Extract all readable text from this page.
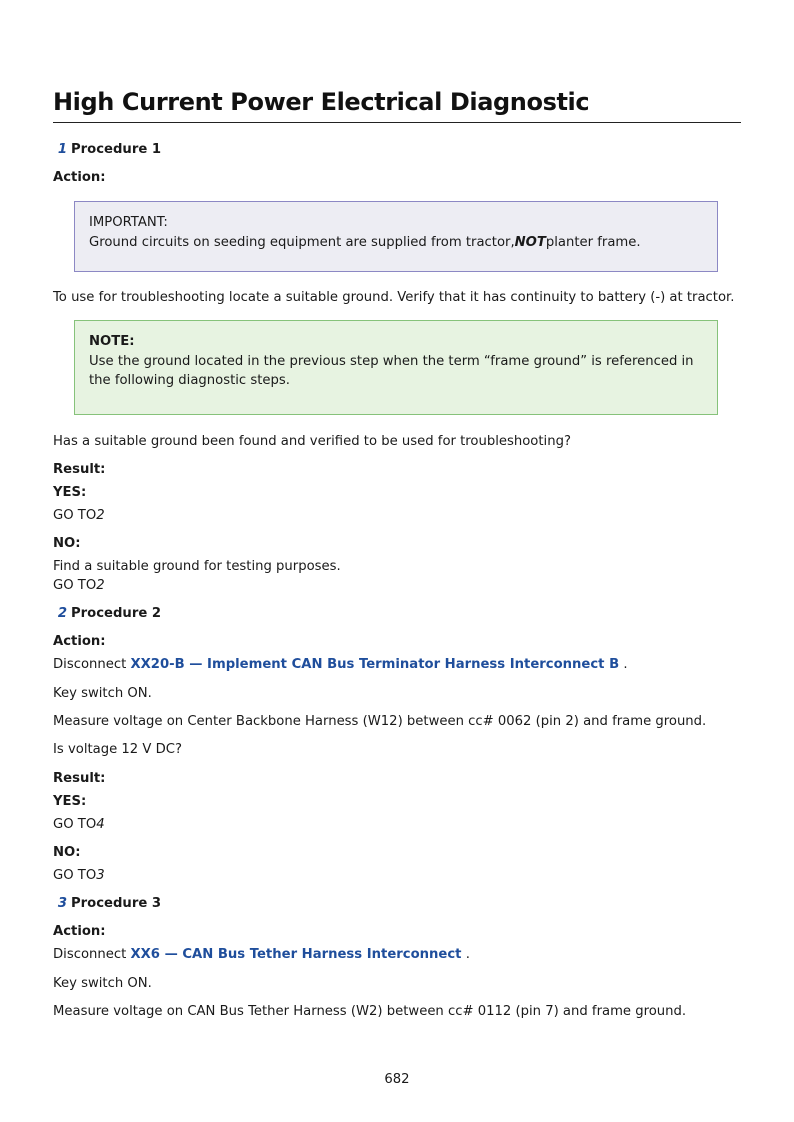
High Current Power Electrical Diagnostic
1 Procedure 1
Action:
IMPORTANT:
Ground circuits on seeding equipment are supplied from tractor,NOTplanter frame.
To use for troubleshooting locate a suitable ground. Verify that it has continuity to battery (-) at tractor.
NOTE:
Use the ground located in the previous step when the term “frame ground” is referenced in the following diagnostic steps.
Has a suitable ground been found and verified to be used for troubleshooting?
Result:
YES:
GO TO2
NO:
Find a suitable ground for testing purposes.
GO TO2
2 Procedure 2
Action:
Disconnect XX20-B — Implement CAN Bus Terminator Harness Interconnect B .
Key switch ON.
Measure voltage on Center Backbone Harness (W12) between cc# 0062 (pin 2) and frame ground.
Is voltage 12 V DC?
Result:
YES:
GO TO4
NO:
GO TO3
3 Procedure 3
Action:
Disconnect XX6 — CAN Bus Tether Harness Interconnect .
Key switch ON.
Measure voltage on CAN Bus Tether Harness (W2) between cc# 0112 (pin 7) and frame ground.
682
